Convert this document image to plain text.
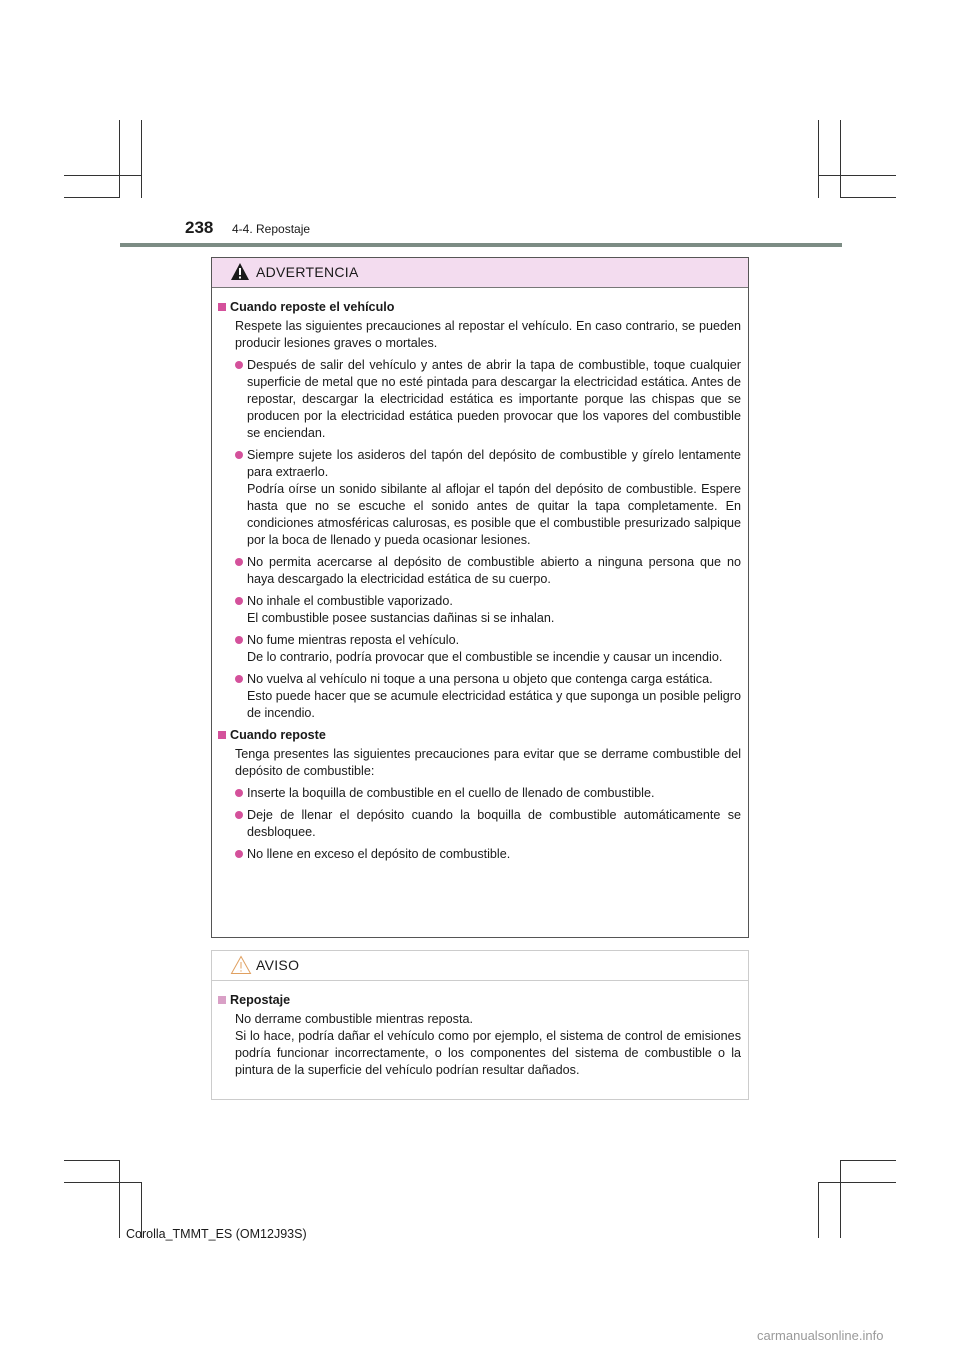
238 4-4. Repostaje
ADVERTENCIA
Cuando reposte el vehículo
Respete las siguientes precauciones al repostar el vehículo. En caso contrario, se pueden producir lesiones graves o mortales.
Después de salir del vehículo y antes de abrir la tapa de combustible, toque cualquier superficie de metal que no esté pintada para descargar la electricidad estática. Antes de repostar, descargar la electricidad estática es importante porque las chispas que se producen por la electricidad estática pueden provocar que los vapores del combustible se enciendan.
Siempre sujete los asideros del tapón del depósito de combustible y gírelo lentamente para extraerlo.
Podría oírse un sonido sibilante al aflojar el tapón del depósito de combustible. Espere hasta que no se escuche el sonido antes de quitar la tapa completamente. En condiciones atmosféricas calurosas, es posible que el combustible presurizado salpique por la boca de llenado y pueda ocasionar lesiones.
No permita acercarse al depósito de combustible abierto a ninguna persona que no haya descargado la electricidad estática de su cuerpo.
No inhale el combustible vaporizado.
El combustible posee sustancias dañinas si se inhalan.
No fume mientras reposta el vehículo.
De lo contrario, podría provocar que el combustible se incendie y causar un incendio.
No vuelva al vehículo ni toque a una persona u objeto que contenga carga estática.
Esto puede hacer que se acumule electricidad estática y que suponga un posible peligro de incendio.
Cuando reposte
Tenga presentes las siguientes precauciones para evitar que se derrame combustible del depósito de combustible:
Inserte la boquilla de combustible en el cuello de llenado de combustible.
Deje de llenar el depósito cuando la boquilla de combustible automáticamente se desbloquee.
No llene en exceso el depósito de combustible.
AVISO
Repostaje
No derrame combustible mientras reposta.
Si lo hace, podría dañar el vehículo como por ejemplo, el sistema de control de emisiones podría funcionar incorrectamente, o los componentes del sistema de combustible o la pintura de la superficie del vehículo podrían resultar dañados.
Corolla_TMMT_ES (OM12J93S)
carmanualsonline.info
